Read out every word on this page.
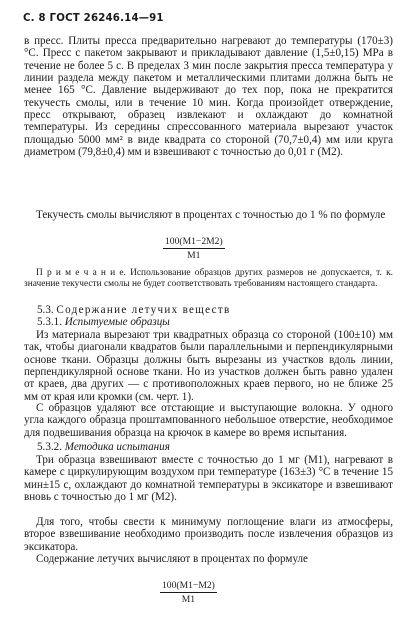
С. 8 ГОСТ 26246.14—91

в пресс. Плиты пресса предварительно нагревают до температуры (170±3) °С. Пресс с пакетом закрывают и прикладывают давление (1,5±0,15) МРа в течение не более 5 с. В пределах 3 мин после закрытия пресса температура у линии раздела между пакетом и металлическими плитами должна быть не менее 165 °С. Давление выдерживают до тех пор, пока не прекратится текучесть смолы, или в течение 10 мин. Когда произойдет отверждение, пресс открывают, образец извлекают и охлаждают до комнатной температуры. Из середины спрессованного материала вырезают участок площадью 5000 мм² в виде квадрата со стороной (70,7±0,4) мм или круга диаметром (79,8±0,4) мм и взвешивают с точностью до 0,01 г (M2).

Текучесть смолы вычисляют в процентах с точностью до 1 % по формуле

$\frac{100(M1-2M2)}{M1}$

П р и м е ч а н и е. Использование образцов других размеров не допускается, т. к. значение текучести смолы не будет соответствовать требованиям настоящего стандарта.

5.3. Содержание летучих веществ
5.3.1. Испытуемые образцы

Из материала вырезают три квадратных образца со стороной (100±10) мм так, чтобы диагонали квадратов были параллельными и перпендикулярными основе ткани. Образцы должны быть вырезаны из участков вдоль линии, перпендикулярной основе ткани. Но из участков должен быть равно удален от краев, два других — с противоположных краев первого, но не ближе 25 мм от края или кромки (см. черт. 1).

С образцов удаляют все отстающие и выступающие волокна. У одного угла каждого образца проштампованного небольшое отверстие, необходимое для подвешивания образца на крючок в камере во время испытания.

5.3.2. Методика испытания

Три образца взвешивают вместе с точностью до 1 мг (M1), нагревают в камере с циркулирующим воздухом при температуре (163±3) °С в течение 15 мин±15 с, охлаждают до комнатной температуры в эксикаторе и взвешивают вновь с точностью до 1 мг (M2).

Для того, чтобы свести к минимуму поглощение влаги из атмосферы, второе взвешивание необходимо производить после извлечения образцов из эксикатора.

Содержание летучих вычисляют в процентах по формуле

$\frac{100(M1-M2)}{M1}$
